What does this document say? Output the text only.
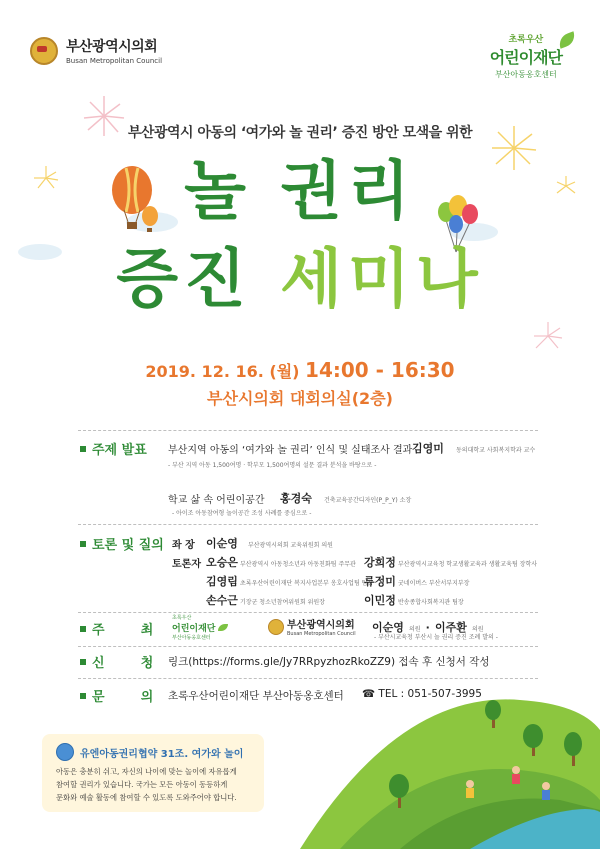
부산광역시의회
Busan Metropolitan Council
초록우산
어린이재단
부산아동옹호센터
부산광역시 아동의 ‘여가와 놀 권리’ 증진 방안 모색을 위한
놀 권리
증진 세미나
2019. 12. 16. (월) 14:00 - 16:30
부산시의회 대회의실(2층)
주제 발표 부산지역 아동의 ‘여가와 놀 권리’ 인식 및 실태조사 결과 김영미 동의대학교 사회복지학과 교수
- 부산 지역 아동 1,500여명 · 학부모 1,500여명의 설문 결과 분석을 바탕으로 -
학교 삶 속 어린이공간 홍경숙 건축교육공간디자인(P_P_Y) 소장
- 아이조 아동참여형 놀이공간 조성 사례를 중심으로 -
토론 및 질의 좌 장 이순영 부산광역시의회 교육위원회 의원
토론자 오승은 부산광역시 아동청소년과 아동친화팀 주무관 강희정 부산광역시교육청 학교생활교육과 생활교육팀 장학사
김영림 초록우산어린이재단 복지사업본부 옹호사업팀 팀장
류정미 굿네이버스 부산서부지부장
손수근 기장군 청소년참여위원회 위원장	이민정 반송종합사회복지관 팀장
주        최
초록우산
어린이재단
부산아동옹호센터
부산광역시의회
Busan Metropolitan Council 이순영 의원 · 이주환 의원
- 부산시교육청 부산시 놀 권리 증진 조례 발의 -
신        청 링크(https://forms.gle/Jy7RRpyzhozRkoZZ9) 접속 후 신청서 작성
문        의 초록우산어린이재단 부산아동옹호센터 ☎ TEL : 051-507-3995
유엔아동권리협약 31조. 여가와 놀이
아동은 충분히 쉬고, 자신의 나이에 맞는 놀이에 자유롭게
참여할 권리가 있습니다. 국가는 모든 아동이 동등하게
문화와 예술 활동에 참여할 수 있도록 도와주어야 합니다.
